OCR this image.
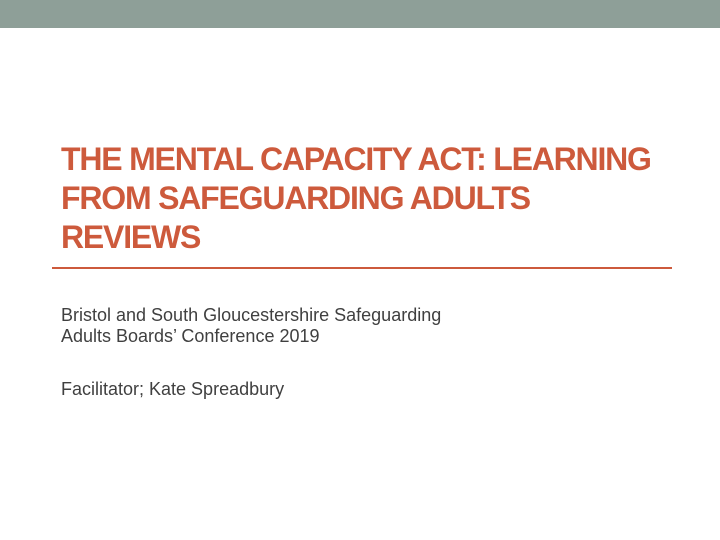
THE MENTAL CAPACITY ACT: LEARNING
FROM SAFEGUARDING ADULTS
REVIEWS

Bristol and South Gloucestershire Safeguarding
Adults Boards’ Conference 2019

Facilitator; Kate Spreadbury
